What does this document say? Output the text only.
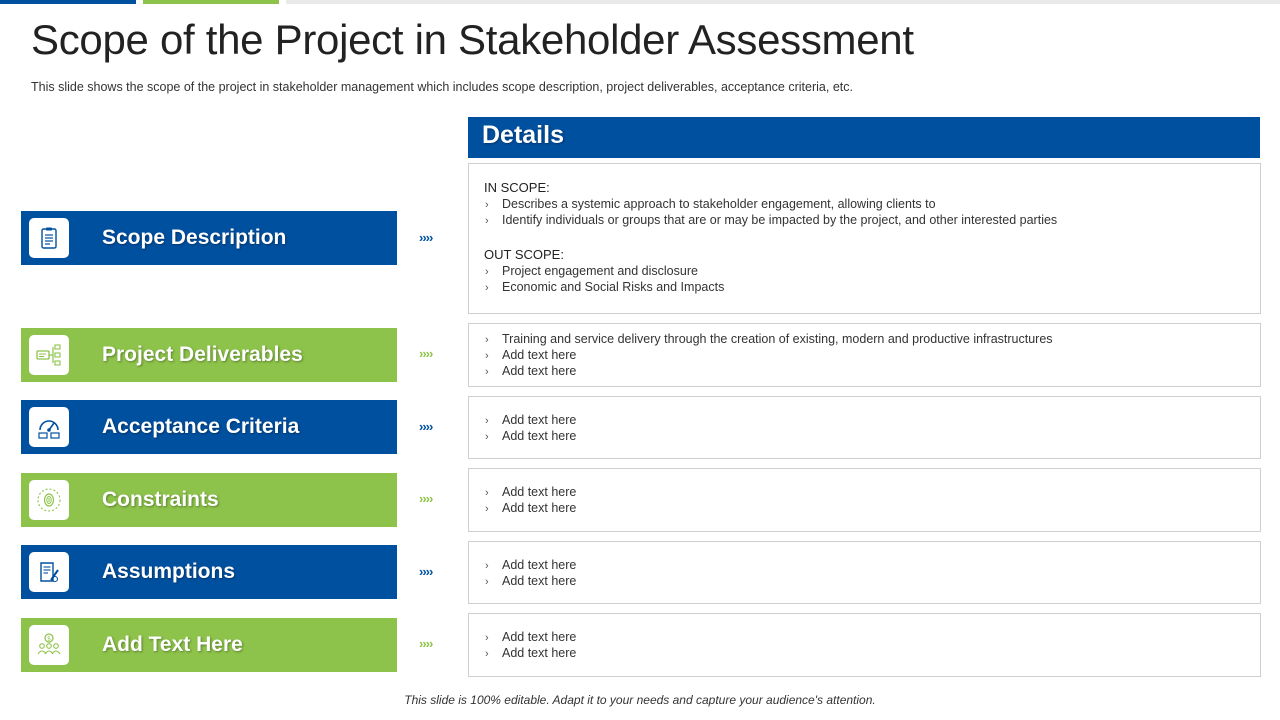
Scope of the Project in Stakeholder Assessment

This slide shows the scope of the project in stakeholder management which includes scope description, project deliverables, acceptance criteria, etc.

Scope Description
Project Deliverables
Acceptance Criteria
Constraints
Assumptions
$ Add Text Here
››››
››››
››››
››››
››››
››››
Details
IN SCOPE:
› Describes a systemic approach to stakeholder engagement, allowing clients to
› Identify individuals or groups that are or may be impacted by the project, and other interested parties
OUT SCOPE:
› Project engagement and disclosure
› Economic and Social Risks and Impacts
› Training and service delivery through the creation of existing, modern and productive infrastructures
› Add text here
› Add text here
› Add text here
› Add text here
› Add text here
› Add text here
› Add text here
› Add text here
› Add text here
› Add text here
This slide is 100% editable. Adapt it to your needs and capture your audience's attention.
